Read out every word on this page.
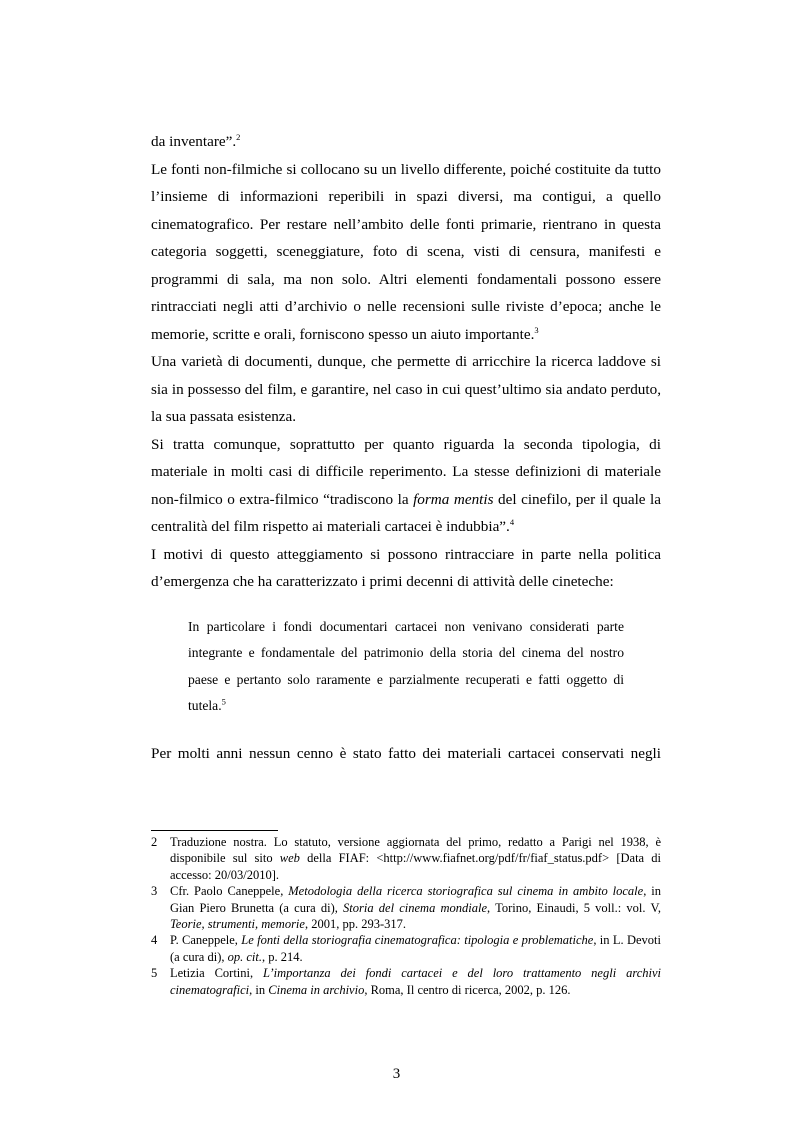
da inventare”.$^2$

Le fonti non-filmiche si collocano su un livello differente, poiché costituite da tutto l’insieme di informazioni reperibili in spazi diversi, ma contigui, a quello cinematografico. Per restare nell’ambito delle fonti primarie, rientrano in questa categoria soggetti, sceneggiature, foto di scena, visti di censura, manifesti e programmi di sala, ma non solo. Altri elementi fondamentali possono essere rintracciati negli atti d’archivio o nelle recensioni sulle riviste d’epoca; anche le memorie, scritte e orali, forniscono spesso un aiuto importante.$^3$

Una varietà di documenti, dunque, che permette di arricchire la ricerca laddove si sia in possesso del film, e garantire, nel caso in cui quest’ultimo sia andato perduto, la sua passata esistenza.

Si tratta comunque, soprattutto per quanto riguarda la seconda tipologia, di materiale in molti casi di difficile reperimento. La stesse definizioni di materiale non-filmico o extra-filmico “tradiscono la forma mentis del cinefilo, per il quale la centralità del film rispetto ai materiali cartacei è indubbia”.$^4$

I motivi di questo atteggiamento si possono rintracciare in parte nella politica d’emergenza che ha caratterizzato i primi decenni di attività delle cineteche:

In particolare i fondi documentari cartacei non venivano considerati parte integrante e fondamentale del patrimonio della storia del cinema del nostro paese e pertanto solo raramente e parzialmente recuperati e fatti oggetto di tutela.$^5$

Per molti anni nessun cenno è stato fatto dei materiali cartacei conservati negli

2	Traduzione nostra. Lo statuto, versione aggiornata del primo, redatto a Parigi nel 1938, è disponibile sul sito web della FIAF: <http://www.fiafnet.org/pdf/fr/fiaf_status.pdf> [Data di accesso: 20/03/2010].
3	Cfr. Paolo Caneppele, Metodologia della ricerca storiografica sul cinema in ambito locale, in Gian Piero Brunetta (a cura di), Storia del cinema mondiale, Torino, Einaudi, 5 voll.: vol. V, Teorie, strumenti, memorie, 2001, pp. 293-317.
4	P. Caneppele, Le fonti della storiografia cinematografica: tipologia e problematiche, in L. Devoti (a cura di), op. cit., p. 214.
5	Letizia Cortini, L’importanza dei fondi cartacei e del loro trattamento negli archivi cinematografici, in Cinema in archivio, Roma, Il centro di ricerca, 2002, p. 126.
3
